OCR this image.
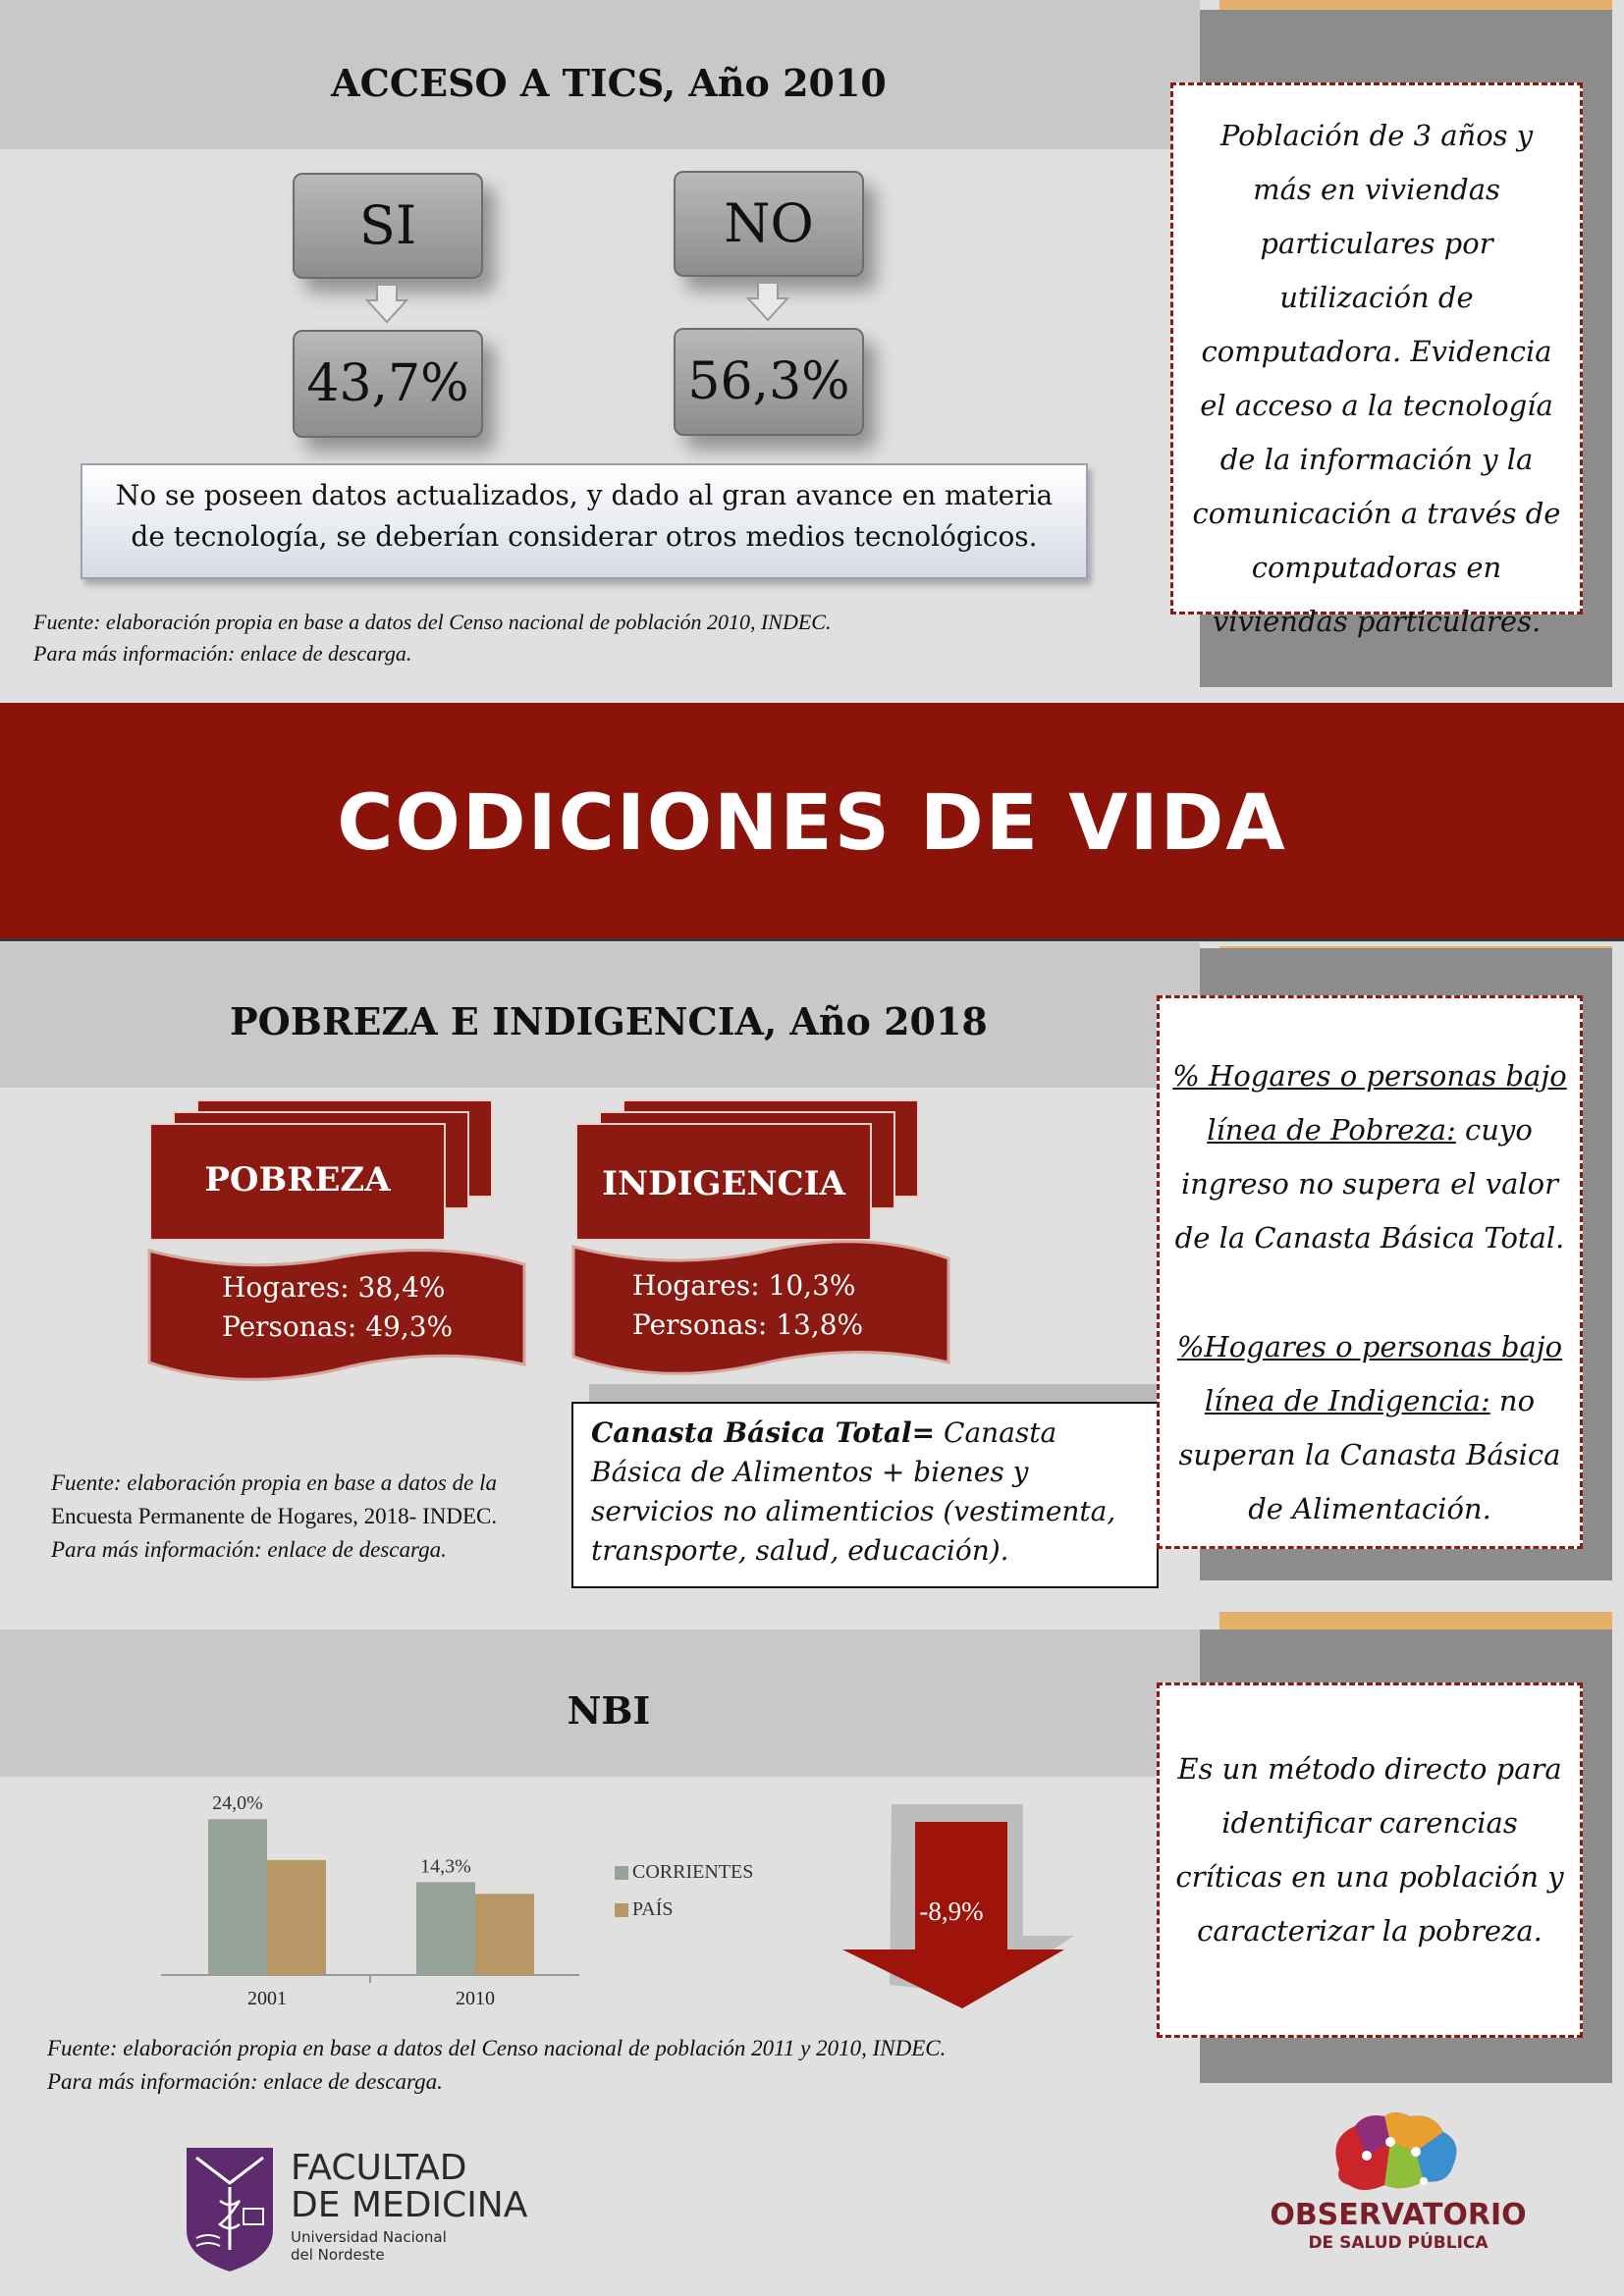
ACCESO A TICS, Año 2010
SI
43,7%
NO
56,3%
No se poseen datos actualizados, y dado al gran avance en materia de tecnología, se deberían considerar otros medios tecnológicos.
Fuente: elaboración propia en base a datos del Censo nacional de población 2010, INDEC.
Para más información: enlace de descarga.
Población de 3 años y más en viviendas particulares por utilización de computadora. Evidencia el acceso a la tecnología de la información y la comunicación a través de computadoras en viviendas particulares.
CODICIONES DE VIDA
POBREZA E INDIGENCIA, Año 2018
POBREZA
Hogares: 38,4%
Personas: 49,3%
INDIGENCIA
Hogares: 10,3%
Personas: 13,8%
Fuente: elaboración propia en base a datos de la
Encuesta Permanente de Hogares, 2018- INDEC.
Para más información: enlace de descarga.
Canasta Básica Total= Canasta Básica de Alimentos + bienes y servicios no alimenticios (vestimenta, transporte, salud, educación).
% Hogares o personas bajo línea de Pobreza: cuyo ingreso no supera el valor de la Canasta Básica Total.
%Hogares o personas bajo línea de Indigencia: no superan la Canasta Básica de Alimentación.
NBI
24,0%
2001
14,3%
2010
CORRIENTES
PAÍS	-8,9%
Fuente: elaboración propia en base a datos del Censo nacional de población 2011 y 2010, INDEC.
Para más información: enlace de descarga.
Es un método directo para identificar carencias críticas en una población y caracterizar la pobreza.
FACULTAD
DE MEDICINA
Universidad Nacional
del Nordeste
OBSERVATORIO
DE SALUD PÚBLICA
